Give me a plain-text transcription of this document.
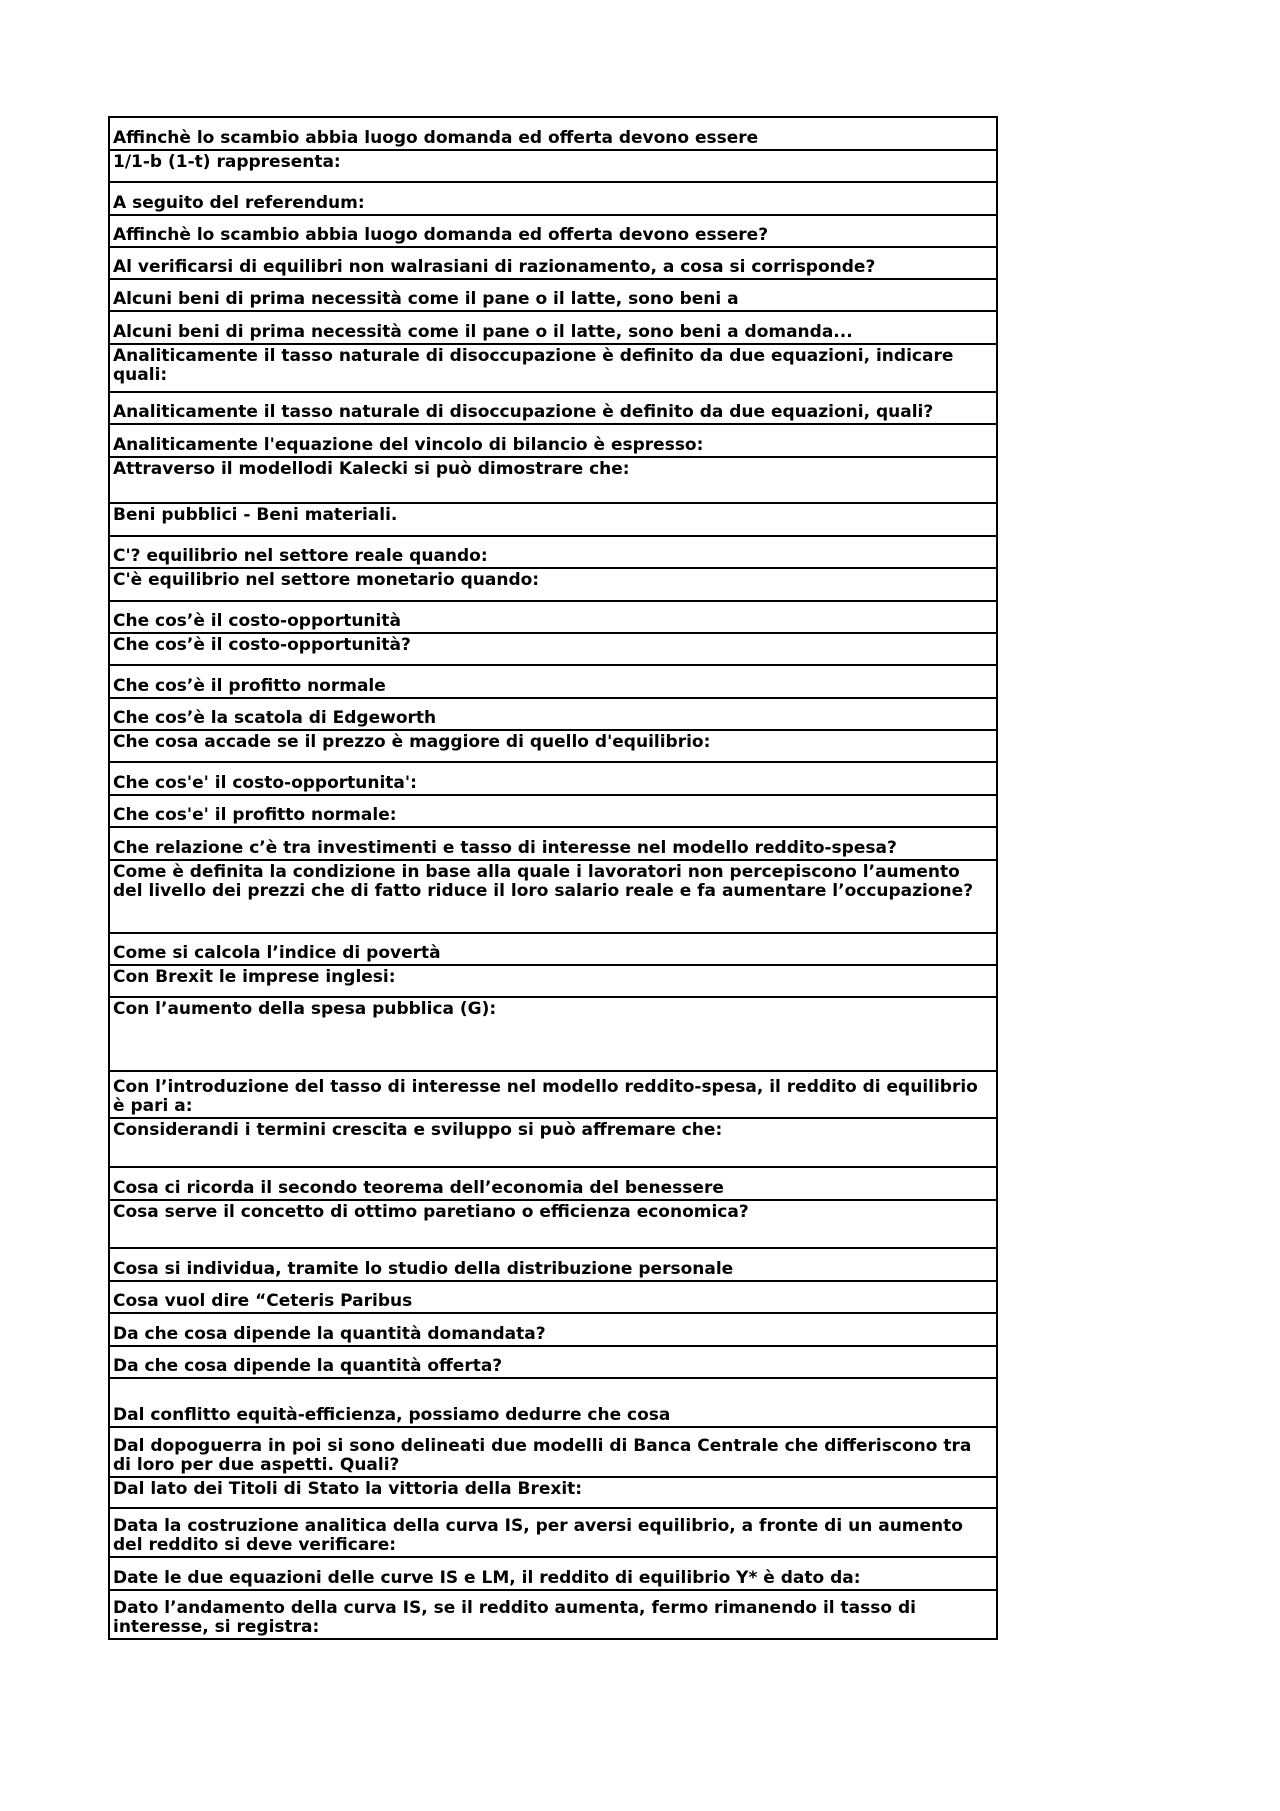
Affinchè lo scambio abbia luogo domanda ed offerta devono essere
1/1-b (1-t) rappresenta:
A seguito del referendum:
Affinchè lo scambio abbia luogo domanda ed offerta devono essere?
Al verificarsi di equilibri non walrasiani di razionamento, a cosa si corrisponde?
Alcuni beni di prima necessità come il pane o il latte, sono beni a
Alcuni beni di prima necessità come il pane o il latte, sono beni a domanda...
Analiticamente il tasso naturale di disoccupazione è definito da due equazioni, indicare quali:
Analiticamente il tasso naturale di disoccupazione è definito da due equazioni, quali?
Analiticamente l'equazione del vincolo di bilancio è espresso:
Attraverso il modellodi Kalecki si può dimostrare che:
Beni pubblici - Beni materiali.
C'? equilibrio nel settore reale quando:
C'è equilibrio nel settore monetario quando:
Che cos’è il costo-opportunità
Che cos’è il costo-opportunità?
Che cos’è il profitto normale
Che cos’è la scatola di Edgeworth
Che cosa accade se il prezzo è maggiore di quello d'equilibrio:
Che cos'e' il costo-opportunita':
Che cos'e' il profitto normale:
Che relazione c’è tra investimenti e tasso di interesse nel modello reddito-spesa?
Come è definita la condizione in base alla quale i lavoratori non percepiscono l’aumento del livello dei prezzi che di fatto riduce il loro salario reale e fa aumentare l’occupazione?
Come si calcola l’indice di povertà
Con Brexit le imprese inglesi:
Con l’aumento della spesa pubblica (G):
Con l’introduzione del tasso di interesse nel modello reddito-spesa, il reddito di equilibrio è pari a:
Considerandi i termini crescita e sviluppo si può affremare che:
Cosa ci ricorda il secondo teorema dell’economia del benessere
Cosa serve il concetto di ottimo paretiano o efficienza economica?
Cosa si individua, tramite lo studio della distribuzione personale
Cosa vuol dire “Ceteris Paribus
Da che cosa dipende la quantità domandata?
Da che cosa dipende la quantità offerta?
Dal conflitto equità-efficienza, possiamo dedurre che cosa
Dal dopoguerra in poi si sono delineati due modelli di Banca Centrale che differiscono tra di loro per due aspetti. Quali?
Dal lato dei Titoli di Stato la vittoria della Brexit:
Data la costruzione analitica della curva IS, per aversi equilibrio, a fronte di un aumento del reddito si deve verificare:
Date le due equazioni delle curve IS e LM, il reddito di equilibrio Y* è dato da:
Dato l’andamento della curva IS, se il reddito aumenta, fermo rimanendo il tasso di interesse, si registra:
